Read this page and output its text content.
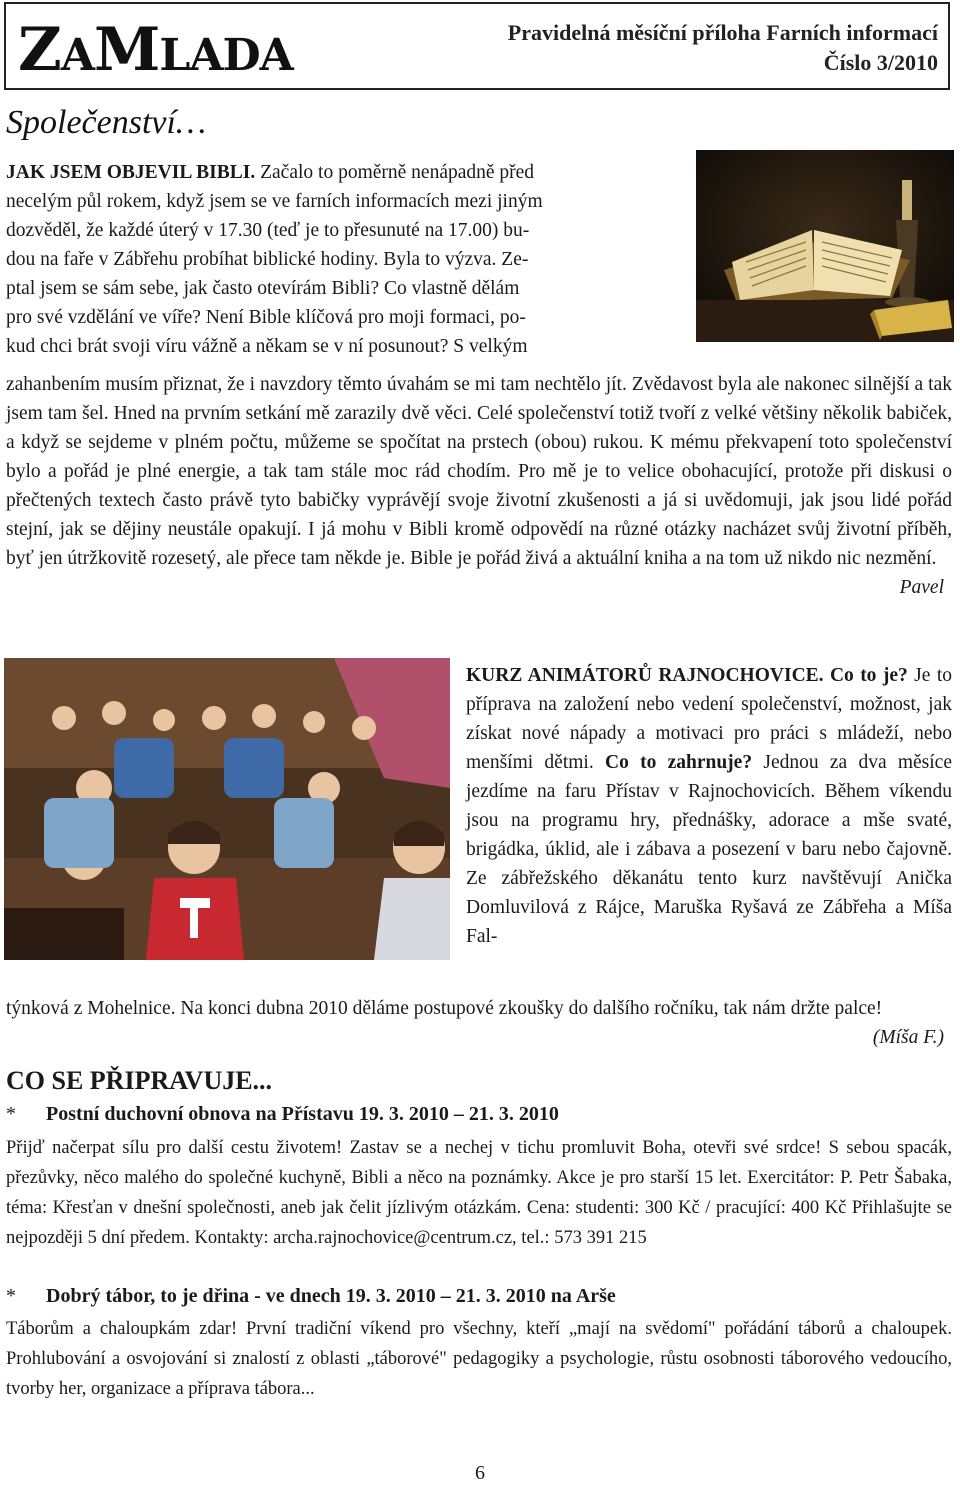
ZAMLADA	Pravidelná měsíční příloha Farních informací
Číslo 3/2010
Společenství…
JAK JSEM OBJEVIL BIBLI. Začalo to poměrně nenápadně před
necelým půl rokem, když jsem se ve farních informacích mezi jiným
dozvěděl, že každé úterý v 17.30 (teď je to přesunuté na 17.00) bu-
dou na faře v Zábřehu probíhat biblické hodiny. Byla to výzva. Ze-
ptal jsem se sám sebe, jak často otevírám Bibli? Co vlastně dělám
pro své vzdělání ve víře? Není Bible klíčová pro moji formaci, po-
kud chci brát svoji víru vážně a někam se v ní posunout? S velkým
zahanbením musím přiznat, že i navzdory těmto úvahám se mi tam nechtělo jít. Zvědavost byla ale nakonec silnější a tak jsem tam šel. Hned na prvním setkání mě zarazily dvě věci. Celé společenství totiž tvoří z velké většiny několik babiček, a když se sejdeme v plném počtu, můžeme se spočítat na prstech (obou) rukou. K mému překvapení toto společenství bylo a pořád je plné energie, a tak tam stále moc rád chodím. Pro mě je to velice obohacující, protože při diskusi o přečtených textech často právě tyto babičky vyprávějí svoje životní zkušenosti a já si uvědomuji, jak jsou lidé pořád stejní, jak se dějiny neustále opakují. I já mohu v Bibli kromě odpovědí na různé otázky nacházet svůj životní příběh, byť jen útržkovitě rozesetý, ale přece tam někde je. Bible je pořád živá a aktuální kniha a na tom už nikdo nic nezmění.
Pavel
KURZ ANIMÁTORŮ RAJNOCHOVICE. Co to je? Je to příprava na založení nebo vedení společenství, možnost, jak získat nové nápady a motivaci pro práci s mládeží, nebo menšími dětmi. Co to zahrnuje? Jednou za dva měsíce jezdíme na faru Přístav v Rajnochovicích. Během víkendu jsou na programu hry, přednášky, adorace a mše svaté, brigádka, úklid, ale i zábava a posezení v baru nebo čajovně. Ze zábřežského děkanátu tento kurz navštěvují Anička Domluvilová z Rájce, Maruška Ryšavá ze Zábřeha a Míša Fal-
týnková z Mohelnice. Na konci dubna 2010 děláme postupové zkoušky do dalšího ročníku, tak nám držte palce!
(Míša F.)
CO SE PŘIPRAVUJE...
* Postní duchovní obnova na Přístavu 19. 3. 2010 – 21. 3. 2010
Přijď načerpat sílu pro další cestu životem! Zastav se a nechej v tichu promluvit Boha, otevři své srdce! S sebou spacák, přezůvky, něco malého do společné kuchyně, Bibli a něco na poznámky. Akce je pro starší 15 let. Exercitátor: P. Petr Šabaka, téma: Křesťan v dnešní společnosti, aneb jak čelit jízlivým otázkám. Cena: studenti: 300 Kč / pracující: 400 Kč Přihlašujte se nejpozději 5 dní předem. Kontakty: archa.rajnochovice@centrum.cz, tel.: 573 391 215
* Dobrý tábor, to je dřina - ve dnech 19. 3. 2010 – 21. 3. 2010 na Arše
Táborům a chaloupkám zdar! První tradiční víkend pro všechny, kteří „mají na svědomí" pořádání táborů a chaloupek. Prohlubování a osvojování si znalostí z oblasti „táborové" pedagogiky a psychologie, růstu osobnosti táborového vedoucího, tvorby her, organizace a příprava tábora...
6
